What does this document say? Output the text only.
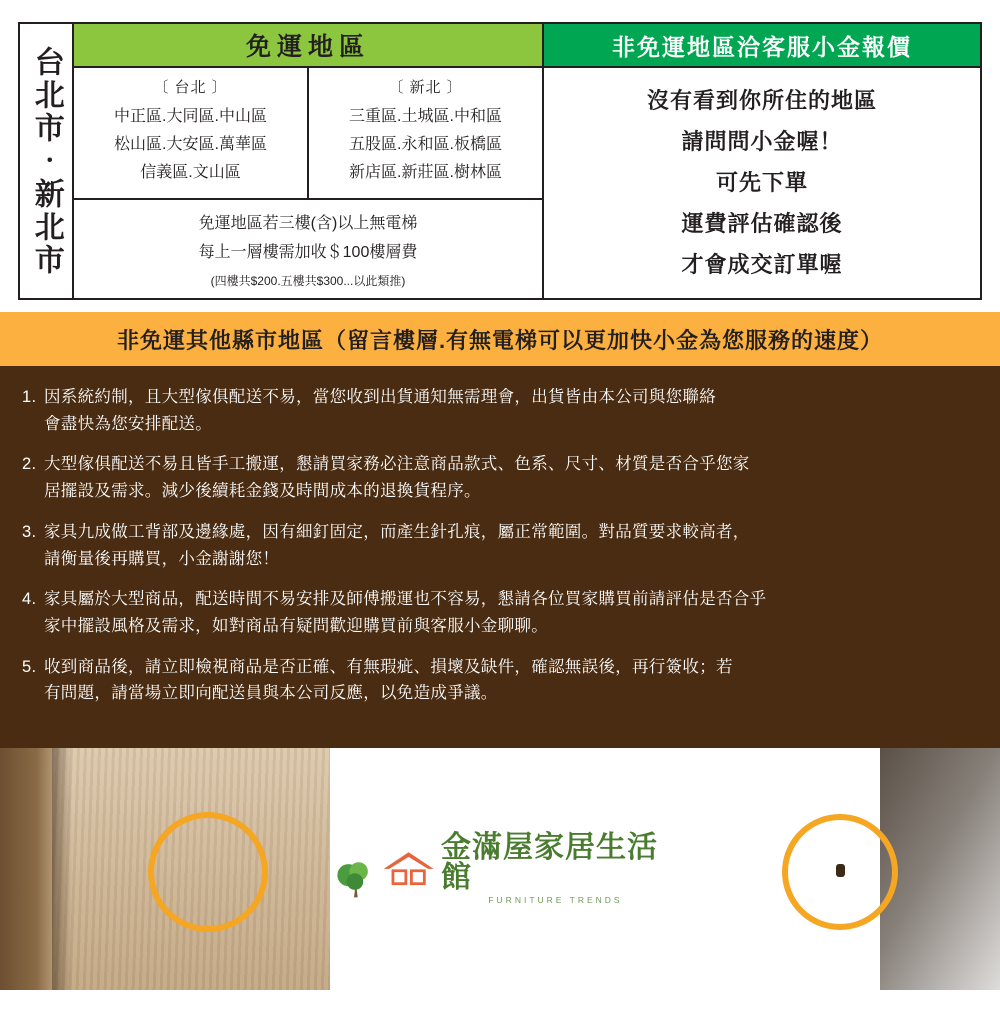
台北市‧新北市	免運地區
〔 台北 〕
中正區.大同區.中山區
松山區.大安區.萬華區
信義區.文山區
〔 新北 〕
三重區.土城區.中和區
五股區.永和區.板橋區
新店區.新莊區.樹林區
免運地區若三樓(含)以上無電梯
每上一層樓需加收＄100樓層費
(四樓共$200.五樓共$300...以此類推)
非免運地區洽客服小金報價
沒有看到你所住的地區
請問問小金喔！
可先下單
運費評估確認後
才會成交訂單喔
非免運其他縣市地區（留言樓層.有無電梯可以更加快小金為您服務的速度）
1. 因系統約制，且大型傢俱配送不易，當您收到出貨通知無需理會，出貨皆由本公司與您聯絡

會盡快為您安排配送。

2. 大型傢俱配送不易且皆手工搬運，懇請買家務必注意商品款式、色系、尺寸、材質是否合乎您家

居擺設及需求。減少後續耗金錢及時間成本的退換貨程序。

3. 家具九成做工背部及邊緣處，因有細釘固定，而產生針孔痕，屬正常範圍。對品質要求較高者，

請衡量後再購買，小金謝謝您！

4. 家具屬於大型商品，配送時間不易安排及師傅搬運也不容易，懇請各位買家購買前請評估是否合乎

家中擺設風格及需求，如對商品有疑問歡迎購買前與客服小金聊聊。

5. 收到商品後，請立即檢視商品是否正確、有無瑕疵、損壞及缺件，確認無誤後，再行簽收；若

有問題，請當場立即向配送員與本公司反應，以免造成爭議。

金滿屋家居生活館
FURNITURE TRENDS
